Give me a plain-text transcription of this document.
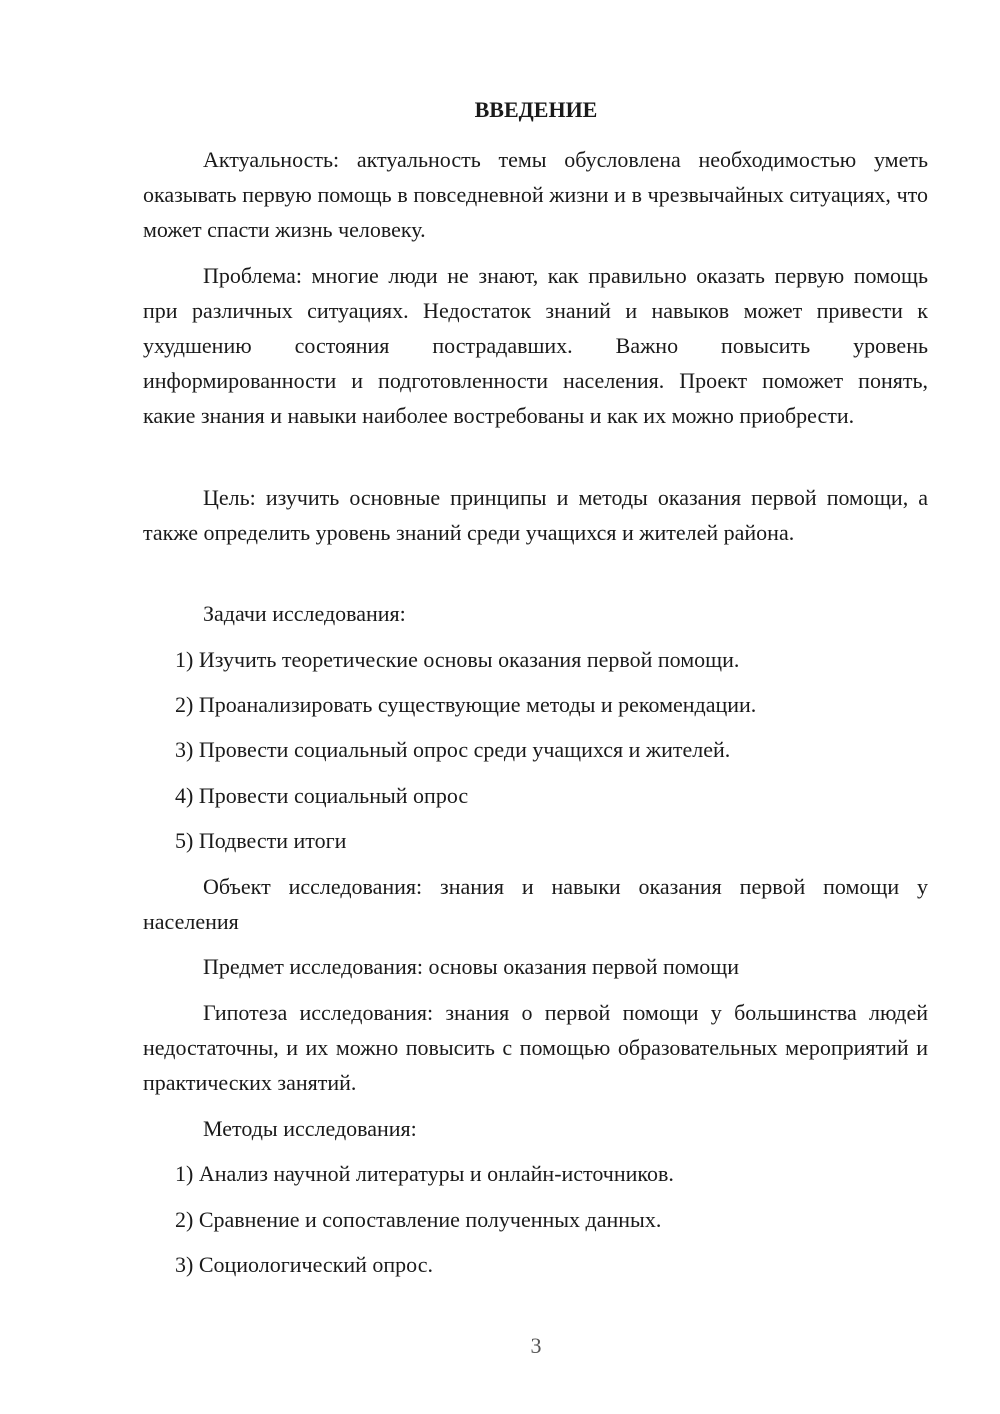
ВВЕДЕНИЕ

Актуальность: актуальность темы обусловлена необходимостью уметь оказывать первую помощь в повседневной жизни и в чрезвычайных ситуациях, что может спасти жизнь человеку.

Проблема: многие люди не знают, как правильно оказать первую помощь при различных ситуациях. Недостаток знаний и навыков может привести к ухудшению состояния пострадавших. Важно повысить уровень информированности и подготовленности населения. Проект поможет понять, какие знания и навыки наиболее востребованы и как их можно приобрести.

Цель: изучить основные принципы и методы оказания первой помощи, а также определить уровень знаний среди учащихся и жителей района.

Задачи исследования:

1) Изучить теоретические основы оказания первой помощи.

2) Проанализировать существующие методы и рекомендации.

3) Провести социальный опрос среди учащихся и жителей.

4) Провести социальный опрос

5) Подвести итоги

Объект исследования: знания и навыки оказания первой помощи у населения

Предмет исследования: основы оказания первой помощи

Гипотеза исследования: знания о первой помощи у большинства людей недостаточны, и их можно повысить с помощью образовательных мероприятий и практических занятий.

Методы исследования:

1) Анализ научной литературы и онлайн-источников.

2) Сравнение и сопоставление полученных данных.

3) Социологический опрос.

3
